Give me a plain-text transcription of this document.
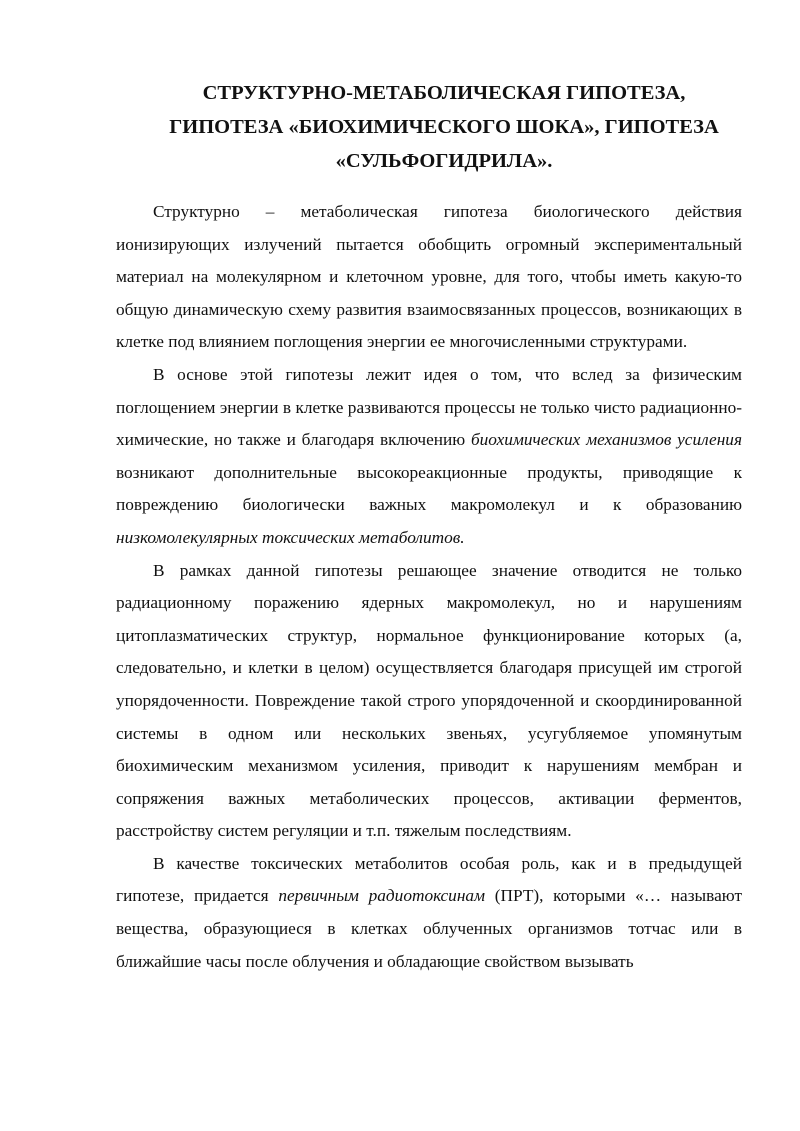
СТРУКТУРНО-МЕТАБОЛИЧЕСКАЯ ГИПОТЕЗА,
ГИПОТЕЗА «БИОХИМИЧЕСКОГО ШОКА», ГИПОТЕЗА
«СУЛЬФОГИДРИЛА».

Структурно – метаболическая гипотеза биологического действия ионизирующих излучений пытается обобщить огромный экспериментальный материал на молекулярном и клеточном уровне, для того, чтобы иметь какую-то общую динамическую схему развития взаимосвязанных процессов, возникающих в клетке под влиянием поглощения энергии ее многочисленными структурами.

В основе этой гипотезы лежит идея о том, что вслед за физическим поглощением энергии в клетке развиваются процессы не только чисто радиационно-химические, но также и благодаря включению биохимических механизмов усиления возникают дополнительные высокореакционные продукты, приводящие к повреждению биологически важных макромолекул и к образованию низкомолекулярных токсических метаболитов.

В рамках данной гипотезы решающее значение отводится не только радиационному поражению ядерных макромолекул, но и нарушениям цитоплазматических структур, нормальное функционирование которых (а, следовательно, и клетки в целом) осуществляется благодаря присущей им строгой упорядоченности. Повреждение такой строго упорядоченной и скоординированной системы в одном или нескольких звеньях, усугубляемое упомянутым биохимическим механизмом усиления, приводит к нарушениям мембран и сопряжения важных метаболических процессов, активации ферментов, расстройству систем регуляции и т.п. тяжелым последствиям.

В качестве токсических метаболитов особая роль, как и в предыдущей гипотезе, придается первичным радиотоксинам (ПРТ), которыми «… называют вещества, образующиеся в клетках облученных организмов тотчас или в ближайшие часы после облучения и обладающие свойством вызывать
